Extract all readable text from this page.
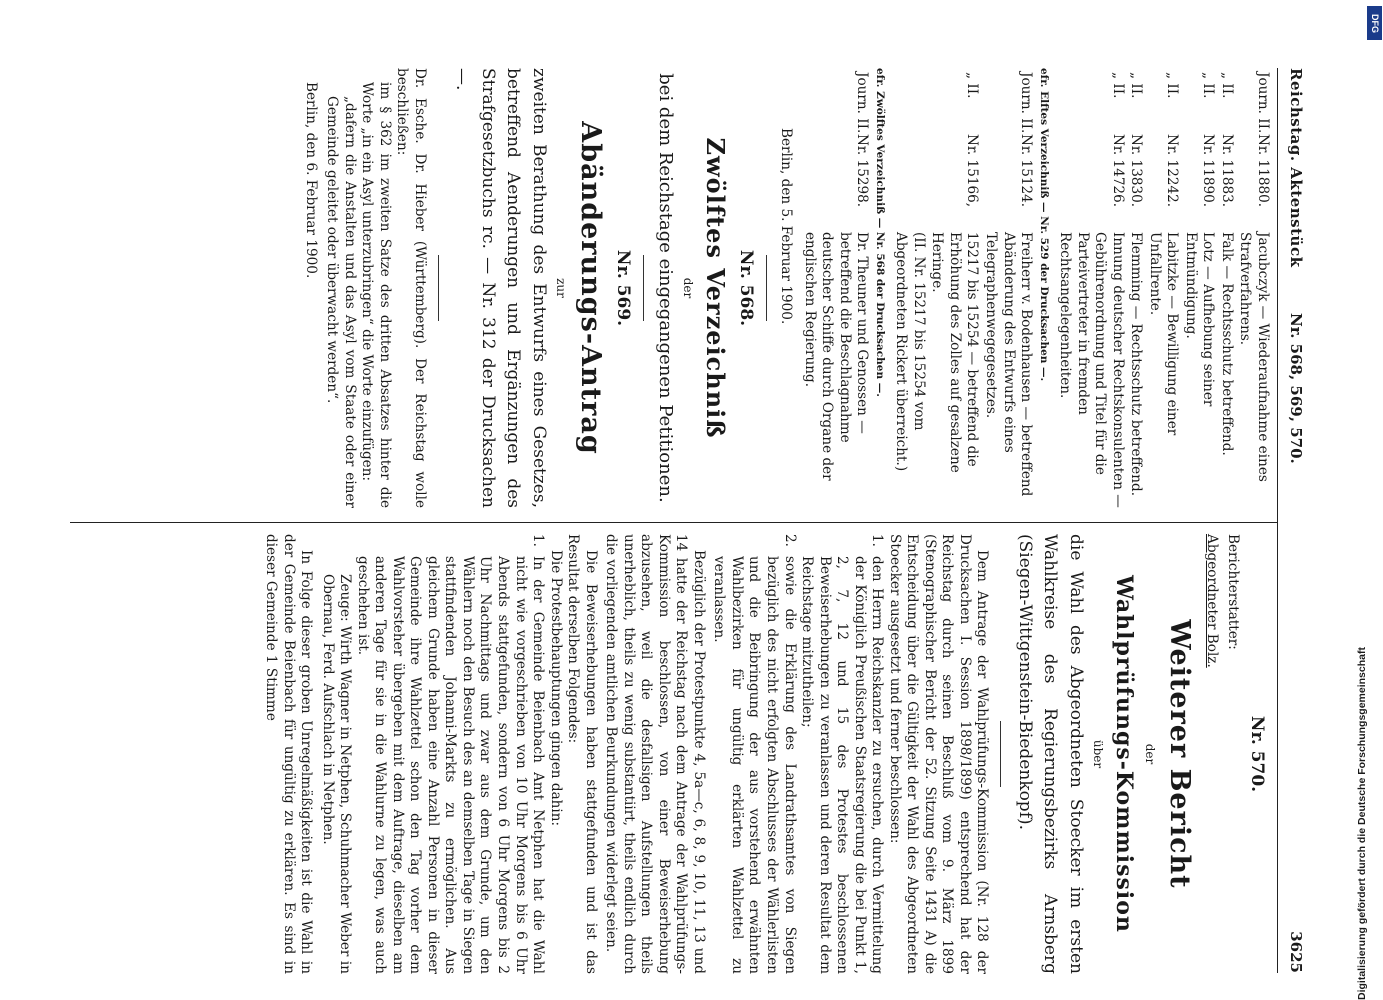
Digitalisierung gefördert durch die Deutsche Forschungsgemeinschaft
DFG
Reichstag. Aktenstück
Nr. 568, 569, 570.
3625
Journ. II.Nr. 11880.
Jacubczyk — Wiederaufnahme eines Strafverfahrens.
„ II.Nr. 11883.
Falk — Rechtsschutz betreffend.
„ II.Nr. 11890.
Lotz — Aufhebung seiner Entmündigung.
„ II.Nr. 12242.
Labitzke — Bewilligung einer Unfallrente.
„ II.Nr. 13830.
Flemming — Rechtsschutz betreffend.
„ II.Nr. 14726.
Innung deutscher Rechtskonsulenten — Gebührenordnung und Titel für die Parteivertreter in fremden Rechtsangelegenheiten.
efr. Elftes Verzeichniß — Nr. 529 der Drucksachen —.
Journ. II.Nr. 15124.
Freiherr v. Bodenhausen — betreffend Abänderung des Entwurfs eines Telegraphenwegegesetzes.
„ II.Nr. 15166,
15217 bis 15254 — betreffend die Erhöhung des Zolles auf gesalzene Heringe.
(II. Nr. 15217 bis 15254 vom Abgeordneten Rickert überreicht.)
efr. Zwölftes Verzeichniß — Nr. 568 der Drucksachen —.
Journ. II.Nr. 15298.
Dr. Theuner und Genossen — betreffend die Beschlagnahme deutscher Schiffe durch Organe der englischen Regierung.
Berlin, den 5. Februar 1900.
Nr. 568.
Zwölftes Verzeichniß
der
bei dem Reichstage eingegangenen Petitionen.
Nr. 569.
Abänderungs-Antrag
zur
zweiten Berathung des Entwurfs eines Gesetzes, betreffend Aenderungen und Ergänzungen des Strafgesetzbuchs rc. — Nr. 312 der Drucksachen —.
Dr. Esche. Dr. Hieber (Württemberg). Der Reichstag wolle beschließen:
im § 362 im zweiten Satze des dritten Absatzes hinter die Worte „in ein Asyl unterzubringen“ die Worte einzufügen:
„dafern die Anstalten und das Asyl vom Staate oder einer Gemeinde geleitet oder überwacht werden“.
Berlin, den 6. Februar 1900.
Nr. 570.
Berichterstatter:
Abgeordneter Bolz.
Weiterer Bericht
der
Wahlprüfungs-Kommission
über
die Wahl des Abgeordneten Stoecker im ersten Wahlkreise des Regierungsbezirks Arnsberg (Siegen-Wittgenstein-Biedenkopf).
Dem Antrage der Wahlprüfungs-Kommission (Nr. 128 der Drucksachen I. Session 1898/1899) entsprechend hat der Reichstag durch seinen Beschluß vom 9. März 1899 (Stenographischer Bericht der 52. Sitzung Seite 1431 A) die Entscheidung über die Gültigkeit der Wahl des Abgeordneten Stoecker ausgesetzt und ferner beschlossen:
1.
den Herrn Reichskanzler zu ersuchen, durch Vermittelung der Königlich Preußischen Staatsregierung die bei Punkt 1, 2, 7, 12 und 15 des Protestes beschlossenen Beweiserhebungen zu veranlassen und deren Resultat dem Reichstage mitzutheilen;
2.
sowie die Erklärung des Landrathsamtes von Siegen bezüglich des nicht erfolgten Abschlusses der Wählerlisten und die Beibringung der aus vorstehend erwähnten Wahlbezirken für ungültig erklärten Wahlzettel zu veranlassen.
Bezüglich der Protestpunkte 4, 5a—c, 6, 8, 9, 10, 11, 13 und 14 hatte der Reichstag nach dem Antrage der Wahlprüfungs-Kommission beschlossen, von einer Beweiserhebung abzusehen, weil die desfallsigen Aufstellungen theils unerheblich, theils zu wenig substantiirt, theils endlich durch die vorliegenden amtlichen Beurkundungen widerlegt seien.
Die Beweiserhebungen haben stattgefunden und ist das Resultat derselben Folgendes:
Die Protestbehauptungen gingen dahin:
1.
In der Gemeinde Beienbach Amt Netphen hat die Wahl nicht wie vorgeschrieben von 10 Uhr Morgens bis 6 Uhr Abends stattgefunden, sondern von 6 Uhr Morgens bis 2 Uhr Nachmittags und zwar aus dem Grunde, um den Wählern noch den Besuch des an demselben Tage in Siegen stattfindenden Johanni-Markts zu ermöglichen. Aus gleichem Grunde haben eine Anzahl Personen in dieser Gemeinde ihre Wahlzettel schon den Tag vorher dem Wahlvorsteher übergeben mit dem Auftrage, dieselben am anderen Tage für sie in die Wahlurne zu legen, was auch geschehen ist.
Zeuge: Wirth Wagner in Netphen, Schuhmacher Weber in Obernau, Ferd. Aufschlach in Netphen.
In Folge dieser groben Unregelmäßigkeiten ist die Wahl in der Gemeinde Beienbach für ungültig zu erklären. Es sind in dieser Gemeinde 1 Stimme
